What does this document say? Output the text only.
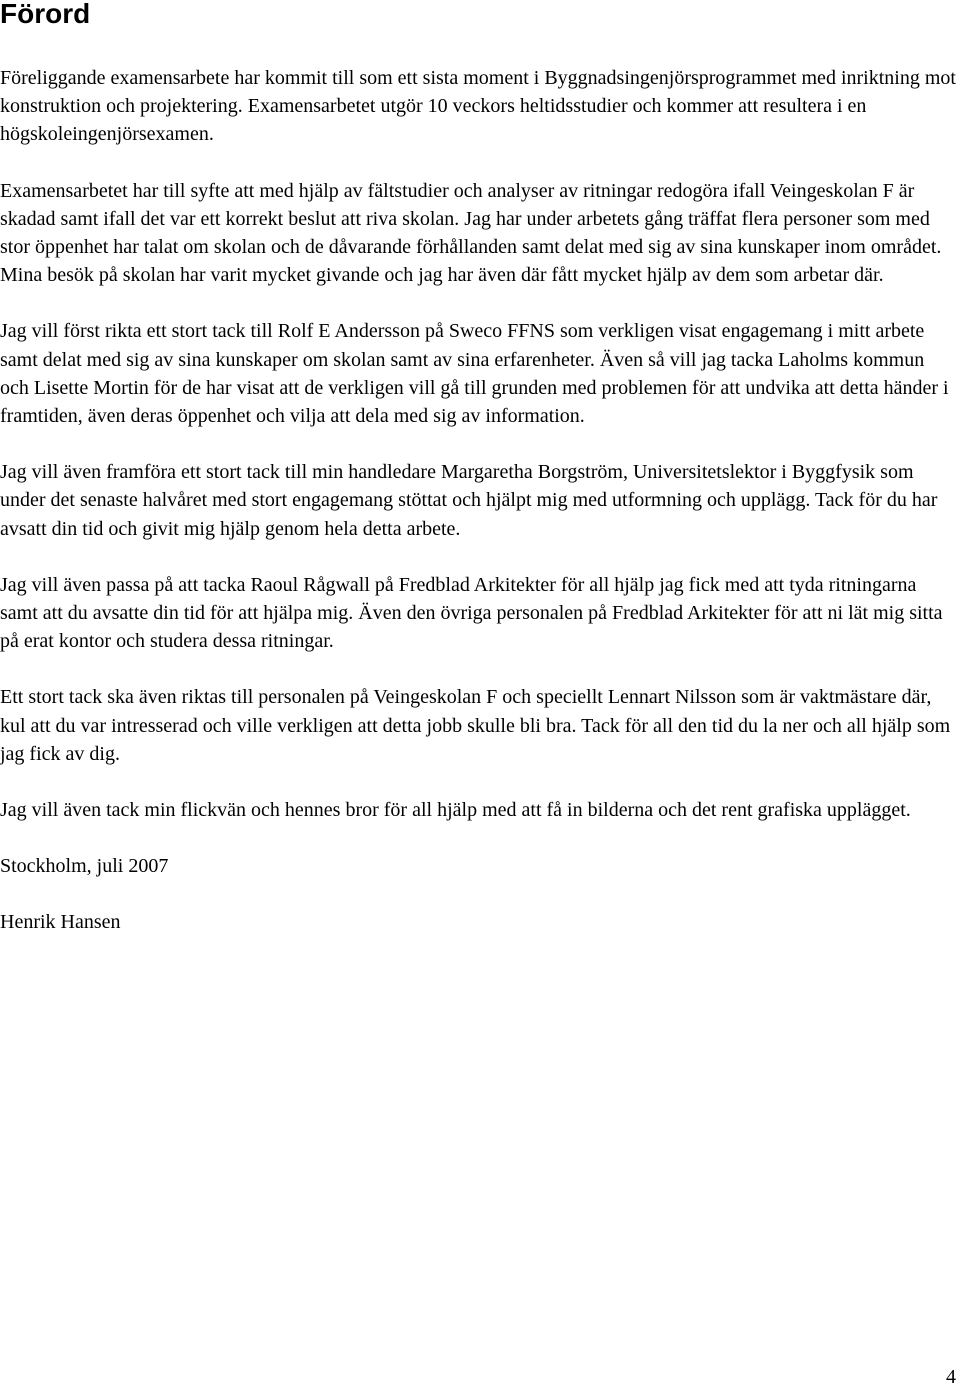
Förord

Föreliggande examensarbete har kommit till som ett sista moment i Byggnadsingenjörsprogrammet med inriktning mot konstruktion och projektering. Examensarbetet utgör 10 veckors heltidsstudier och kommer att resultera i en högskoleingenjörsexamen.

Examensarbetet har till syfte att med hjälp av fältstudier och analyser av ritningar redogöra ifall Veingeskolan F är skadad samt ifall det var ett korrekt beslut att riva skolan. Jag har under arbetets gång träffat flera personer som med stor öppenhet har talat om skolan och de dåvarande förhållanden samt delat med sig av sina kunskaper inom området. Mina besök på skolan har varit mycket givande och jag har även där fått mycket hjälp av dem som arbetar där.

Jag vill först rikta ett stort tack till Rolf E Andersson på Sweco FFNS som verkligen visat engagemang i mitt arbete samt delat med sig av sina kunskaper om skolan samt av sina erfarenheter. Även så vill jag tacka Laholms kommun och Lisette Mortin för de har visat att de verkligen vill gå till grunden med problemen för att undvika att detta händer i framtiden, även deras öppenhet och vilja att dela med sig av information.

Jag vill även framföra ett stort tack till min handledare Margaretha Borgström, Universitetslektor i Byggfysik som under det senaste halvåret med stort engagemang stöttat och hjälpt mig med utformning och upplägg. Tack för du har avsatt din tid och givit mig hjälp genom hela detta arbete.

Jag vill även passa på att tacka Raoul Rågwall på Fredblad Arkitekter för all hjälp jag fick med att tyda ritningarna samt att du avsatte din tid för att hjälpa mig. Även den övriga personalen på Fredblad Arkitekter för att ni lät mig sitta på erat kontor och studera dessa ritningar.

Ett stort tack ska även riktas till personalen på Veingeskolan F och speciellt Lennart Nilsson som är vaktmästare där, kul att du var intresserad och ville verkligen att detta jobb skulle bli bra. Tack för all den tid du la ner och all hjälp som jag fick av dig.

Jag vill även tack min flickvän och hennes bror för all hjälp med att få in bilderna och det rent grafiska upplägget.

Stockholm, juli 2007

Henrik Hansen

4
